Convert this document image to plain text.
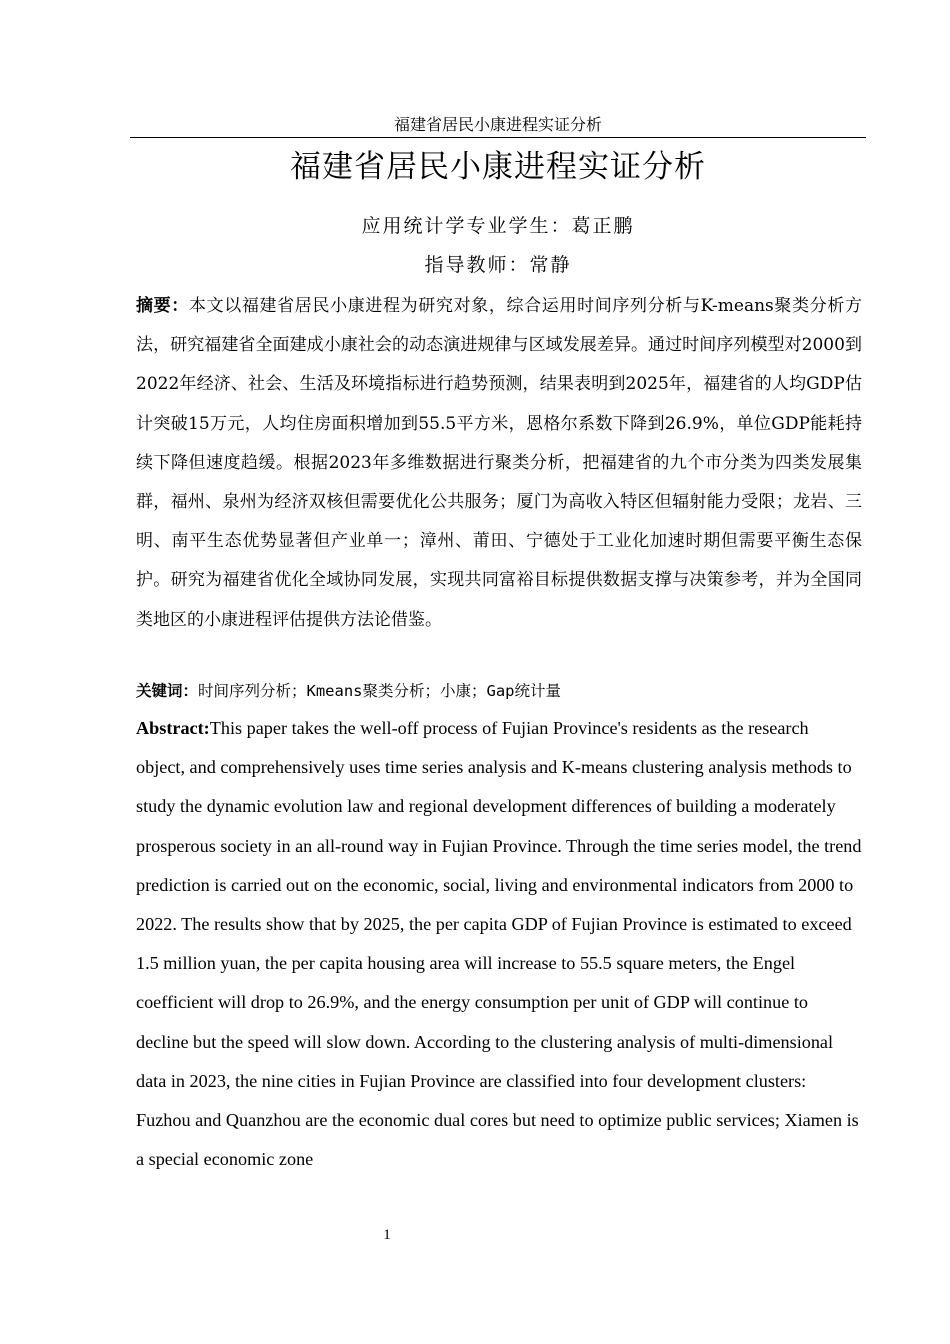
福建省居民小康进程实证分析
福建省居民小康进程实证分析
应用统计学专业学生：葛正鹏
指导教师：常静
摘要：本文以福建省居民小康进程为研究对象，综合运用时间序列分析与K-means聚类分析方法，研究福建省全面建成小康社会的动态演进规律与区域发展差异。通过时间序列模型对2000到2022年经济、社会、生活及环境指标进行趋势预测，结果表明到2025年，福建省的人均GDP估计突破15万元，人均住房面积增加到55.5平方米，恩格尔系数下降到26.9%，单位GDP能耗持续下降但速度趋缓。根据2023年多维数据进行聚类分析，把福建省的九个市分类为四类发展集群，福州、泉州为经济双核但需要优化公共服务；厦门为高收入特区但辐射能力受限；龙岩、三明、南平生态优势显著但产业单一；漳州、莆田、宁德处于工业化加速时期但需要平衡生态保护。研究为福建省优化全域协同发展，实现共同富裕目标提供数据支撑与决策参考，并为全国同类地区的小康进程评估提供方法论借鉴。
关键词：时间序列分析；Kmeans聚类分析；小康；Gap统计量
Abstract:This paper takes the well-off process of Fujian Province's residents as the research object, and comprehensively uses time series analysis and K-means clustering analysis methods to study the dynamic evolution law and regional development differences of building a moderately prosperous society in an all-round way in Fujian Province. Through the time series model, the trend prediction is carried out on the economic, social, living and environmental indicators from 2000 to 2022. The results show that by 2025, the per capita GDP of Fujian Province is estimated to exceed 1.5 million yuan, the per capita housing area will increase to 55.5 square meters, the Engel coefficient will drop to 26.9%, and the energy consumption per unit of GDP will continue to decline but the speed will slow down. According to the clustering analysis of multi-dimensional data in 2023, the nine cities in Fujian Province are classified into four development clusters: Fuzhou and Quanzhou are the economic dual cores but need to optimize public services; Xiamen is a special economic zone
1
